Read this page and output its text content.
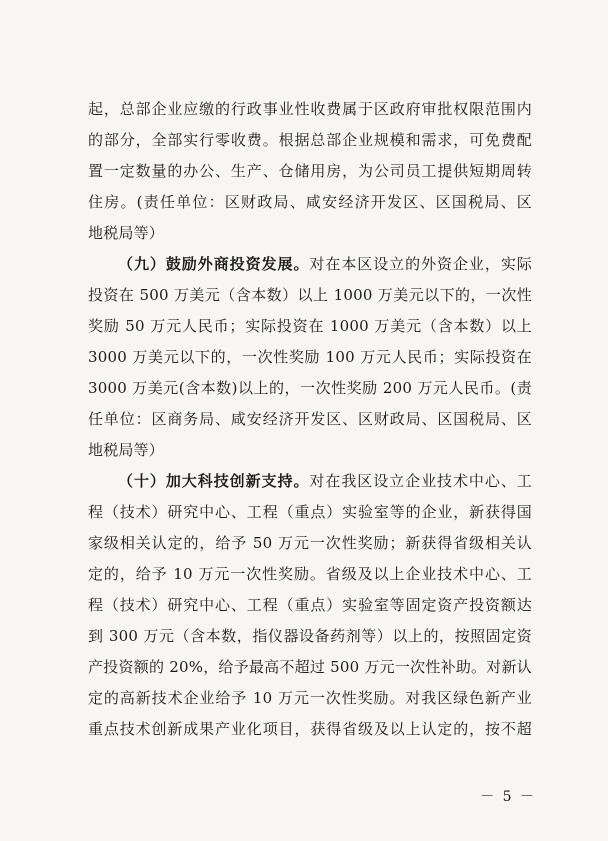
起，总部企业应缴的行政事业性收费属于区政府审批权限范围内
的部分，全部实行零收费。根据总部企业规模和需求，可免费配
置一定数量的办公、生产、仓储用房，为公司员工提供短期周转
住房。(责任单位：区财政局、咸安经济开发区、区国税局、区
地税局等）
（九）鼓励外商投资发展。对在本区设立的外资企业，实际
投资在 500 万美元（含本数）以上 1000 万美元以下的，一次性
奖励 50 万元人民币；实际投资在 1000 万美元（含本数）以上
3000 万美元以下的，一次性奖励 100 万元人民币；实际投资在
3000 万美元(含本数)以上的，一次性奖励 200 万元人民币。(责
任单位：区商务局、咸安经济开发区、区财政局、区国税局、区
地税局等）
（十）加大科技创新支持。对在我区设立企业技术中心、工
程（技术）研究中心、工程（重点）实验室等的企业，新获得国
家级相关认定的，给予 50 万元一次性奖励；新获得省级相关认
定的，给予 10 万元一次性奖励。省级及以上企业技术中心、工
程（技术）研究中心、工程（重点）实验室等固定资产投资额达
到 300 万元（含本数，指仪器设备药剂等）以上的，按照固定资
产投资额的 20%，给予最高不超过 500 万元一次性补助。对新认
定的高新技术企业给予 10 万元一次性奖励。对我区绿色新产业
重点技术创新成果产业化项目，获得省级及以上认定的，按不超
－ 5 －
